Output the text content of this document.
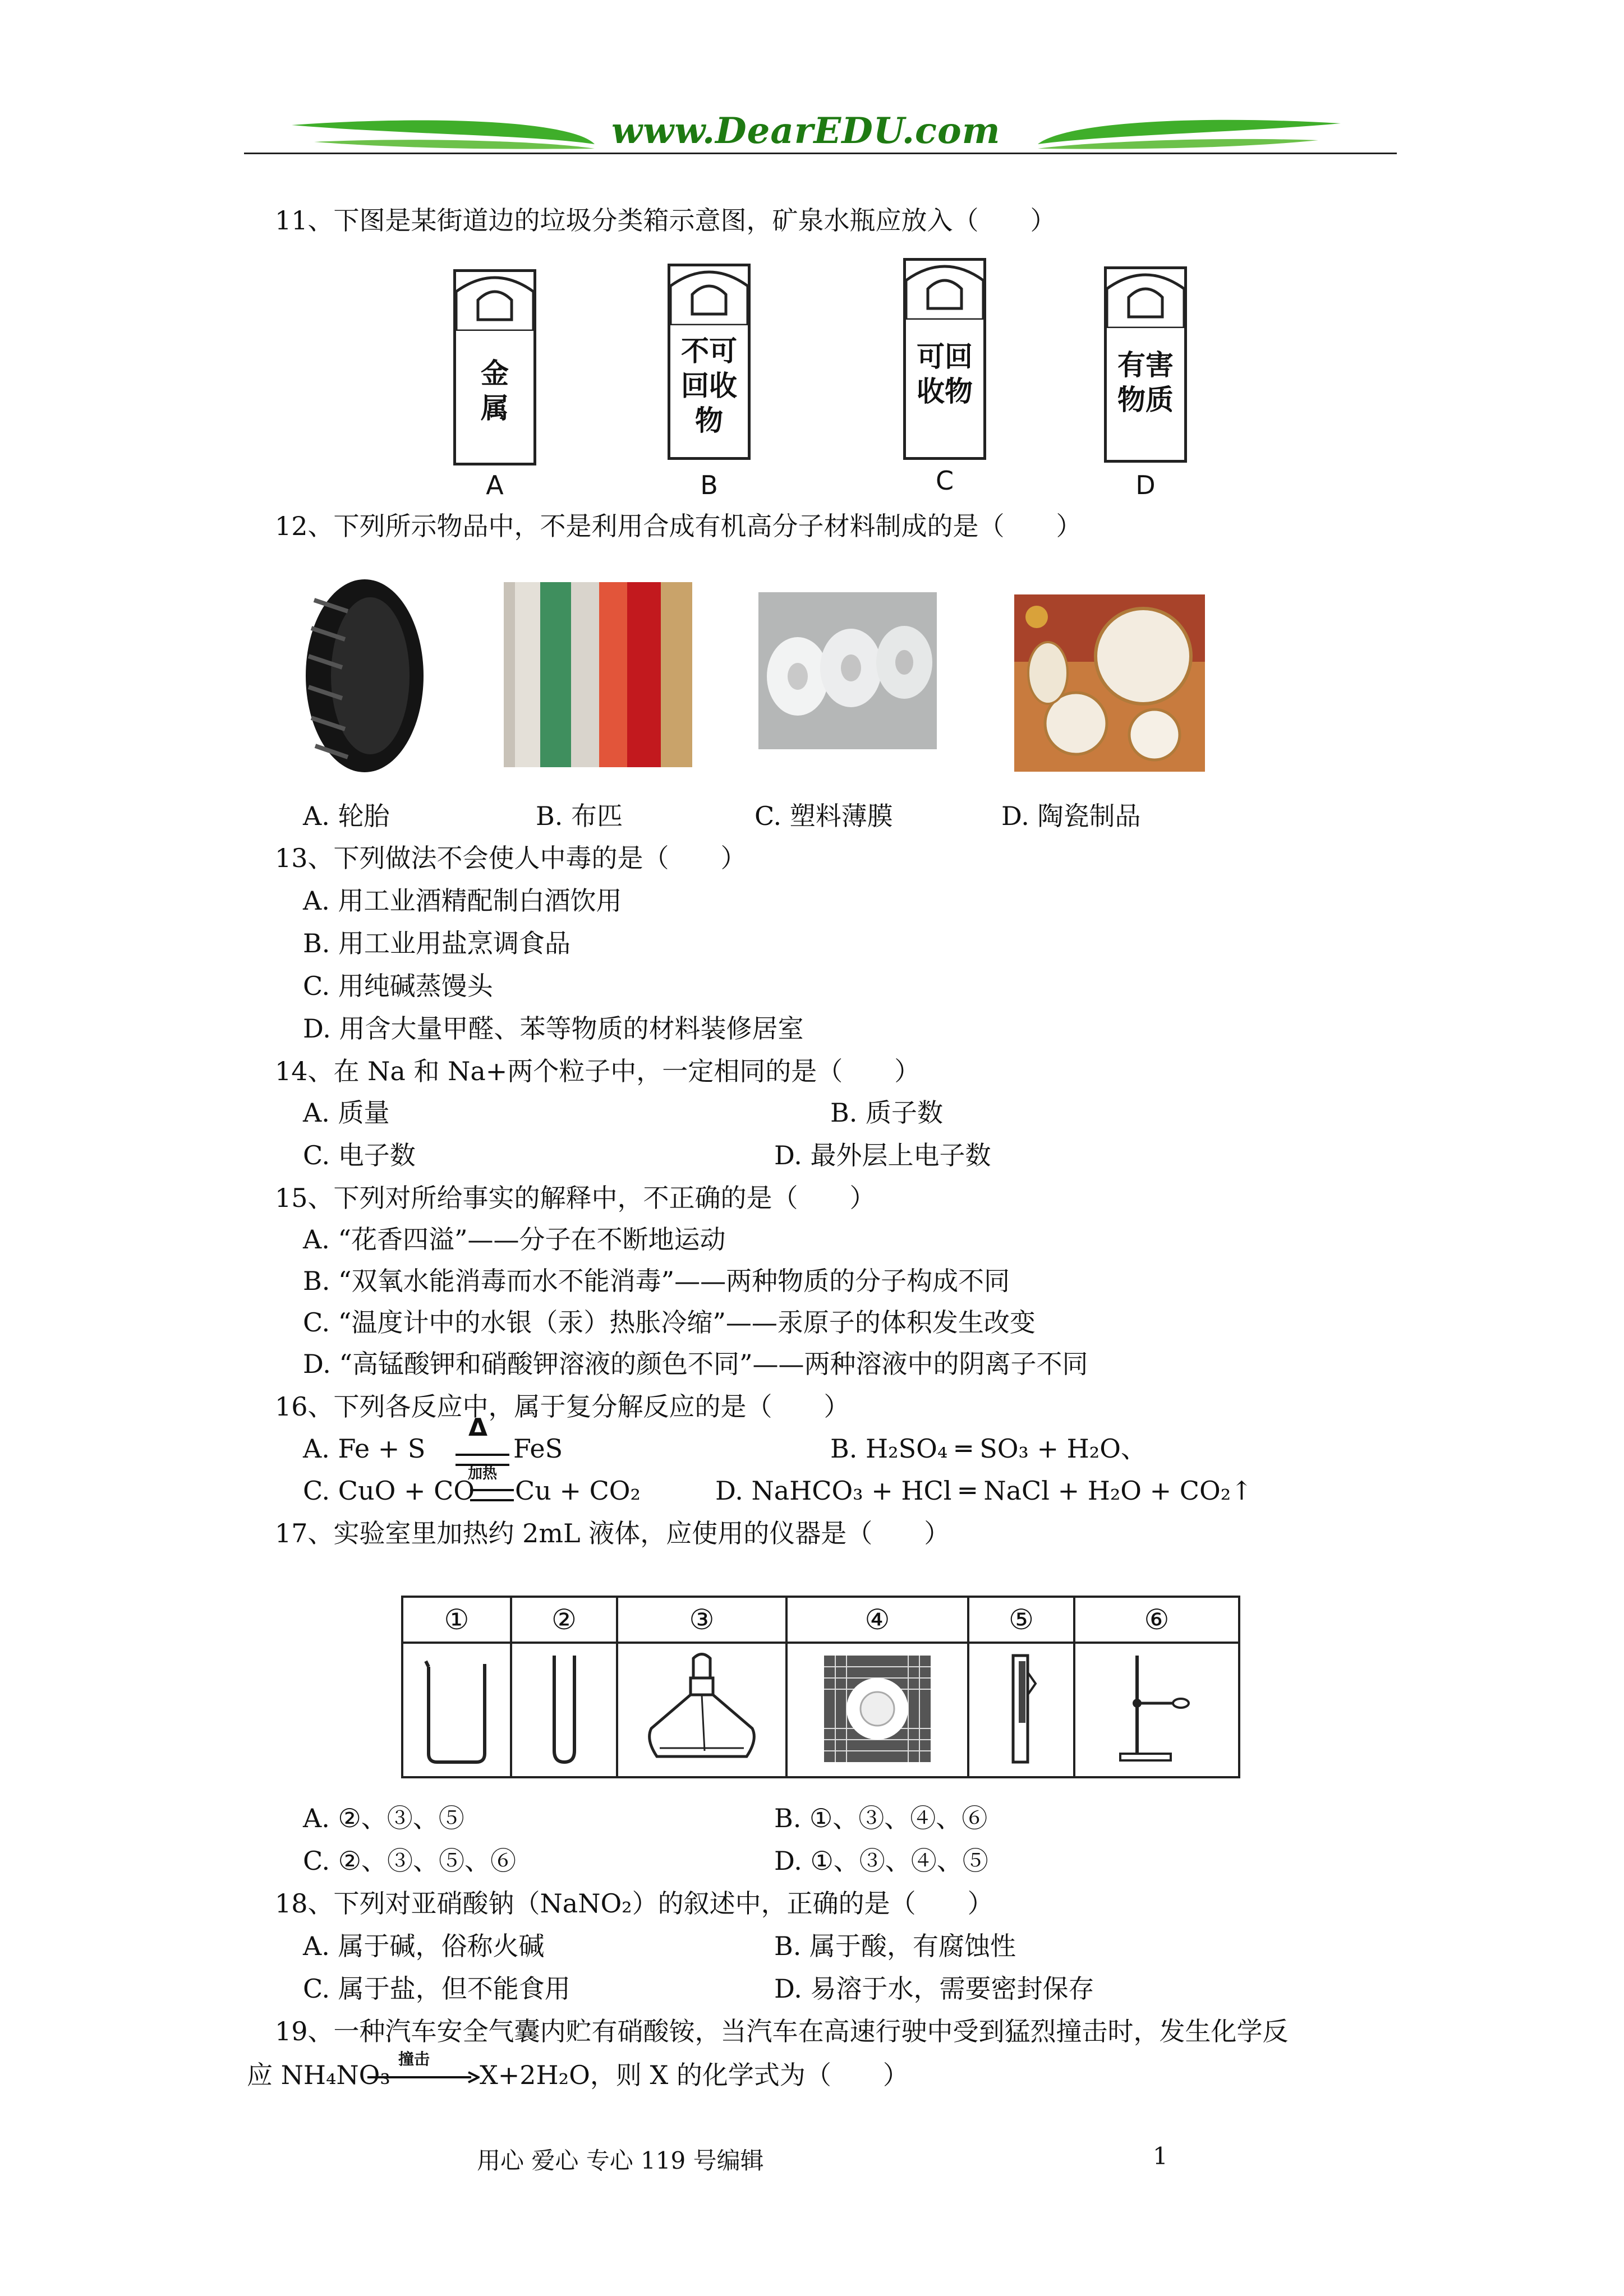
www.DearEDU.com
11、下图是某街道边的垃圾分类箱示意图，矿泉水瓶应放入（　　）
金
属
A
不可
回收
物
B
可回
收物
C
有害
物质
D
12、下列所示物品中，不是利用合成有机高分子材料制成的是（　　）
A. 轮胎	B. 布匹	C. 塑料薄膜	D. 陶瓷制品
13、下列做法不会使人中毒的是（　　）
A. 用工业酒精配制白酒饮用
B. 用工业用盐烹调食品
C. 用纯碱蒸馒头
D. 用含大量甲醛、苯等物质的材料装修居室
14、在 Na 和 Na+两个粒子中，一定相同的是（　　）
A. 质量	B. 质子数
C. 电子数	D. 最外层上电子数
15、下列对所给事实的解释中，不正确的是（　　）
A. “花香四溢”——分子在不断地运动
B. “双氧水能消毒而水不能消毒”——两种物质的分子构成不同
C. “温度计中的水银（汞）热胀冷缩”——汞原子的体积发生改变
D. “高锰酸钾和硝酸钾溶液的颜色不同”——两种溶液中的阴离子不同
16、下列各反应中，属于复分解反应的是（　　）
A. Fe + S
Δ
加热
FeS	B. H₂SO₄ ═ SO₃ + H₂O、
C. CuO + CO Cu + CO₂	D. NaHCO₃ + HCl ═ NaCl + H₂O + CO₂↑
17、实验室里加热约 2mL 液体，应使用的仪器是（　　）
①	②	③	④	⑤	⑥

A. ②、③、⑤	B. ①、③、④、⑥
C. ②、③、⑤、⑥	D. ①、③、④、⑤
18、下列对亚硝酸钠（NaNO₂）的叙述中，正确的是（　　）
A. 属于碱，俗称火碱	B. 属于酸，有腐蚀性
C. 属于盐，但不能食用	D. 易溶于水，需要密封保存
19、一种汽车安全气囊内贮有硝酸铵，当汽车在高速行驶中受到猛烈撞击时，发生化学反
应 NH₄NO₃
撞击
X+2H₂O，则 X 的化学式为（　　）
用心 爱心 专心 119 号编辑	1
